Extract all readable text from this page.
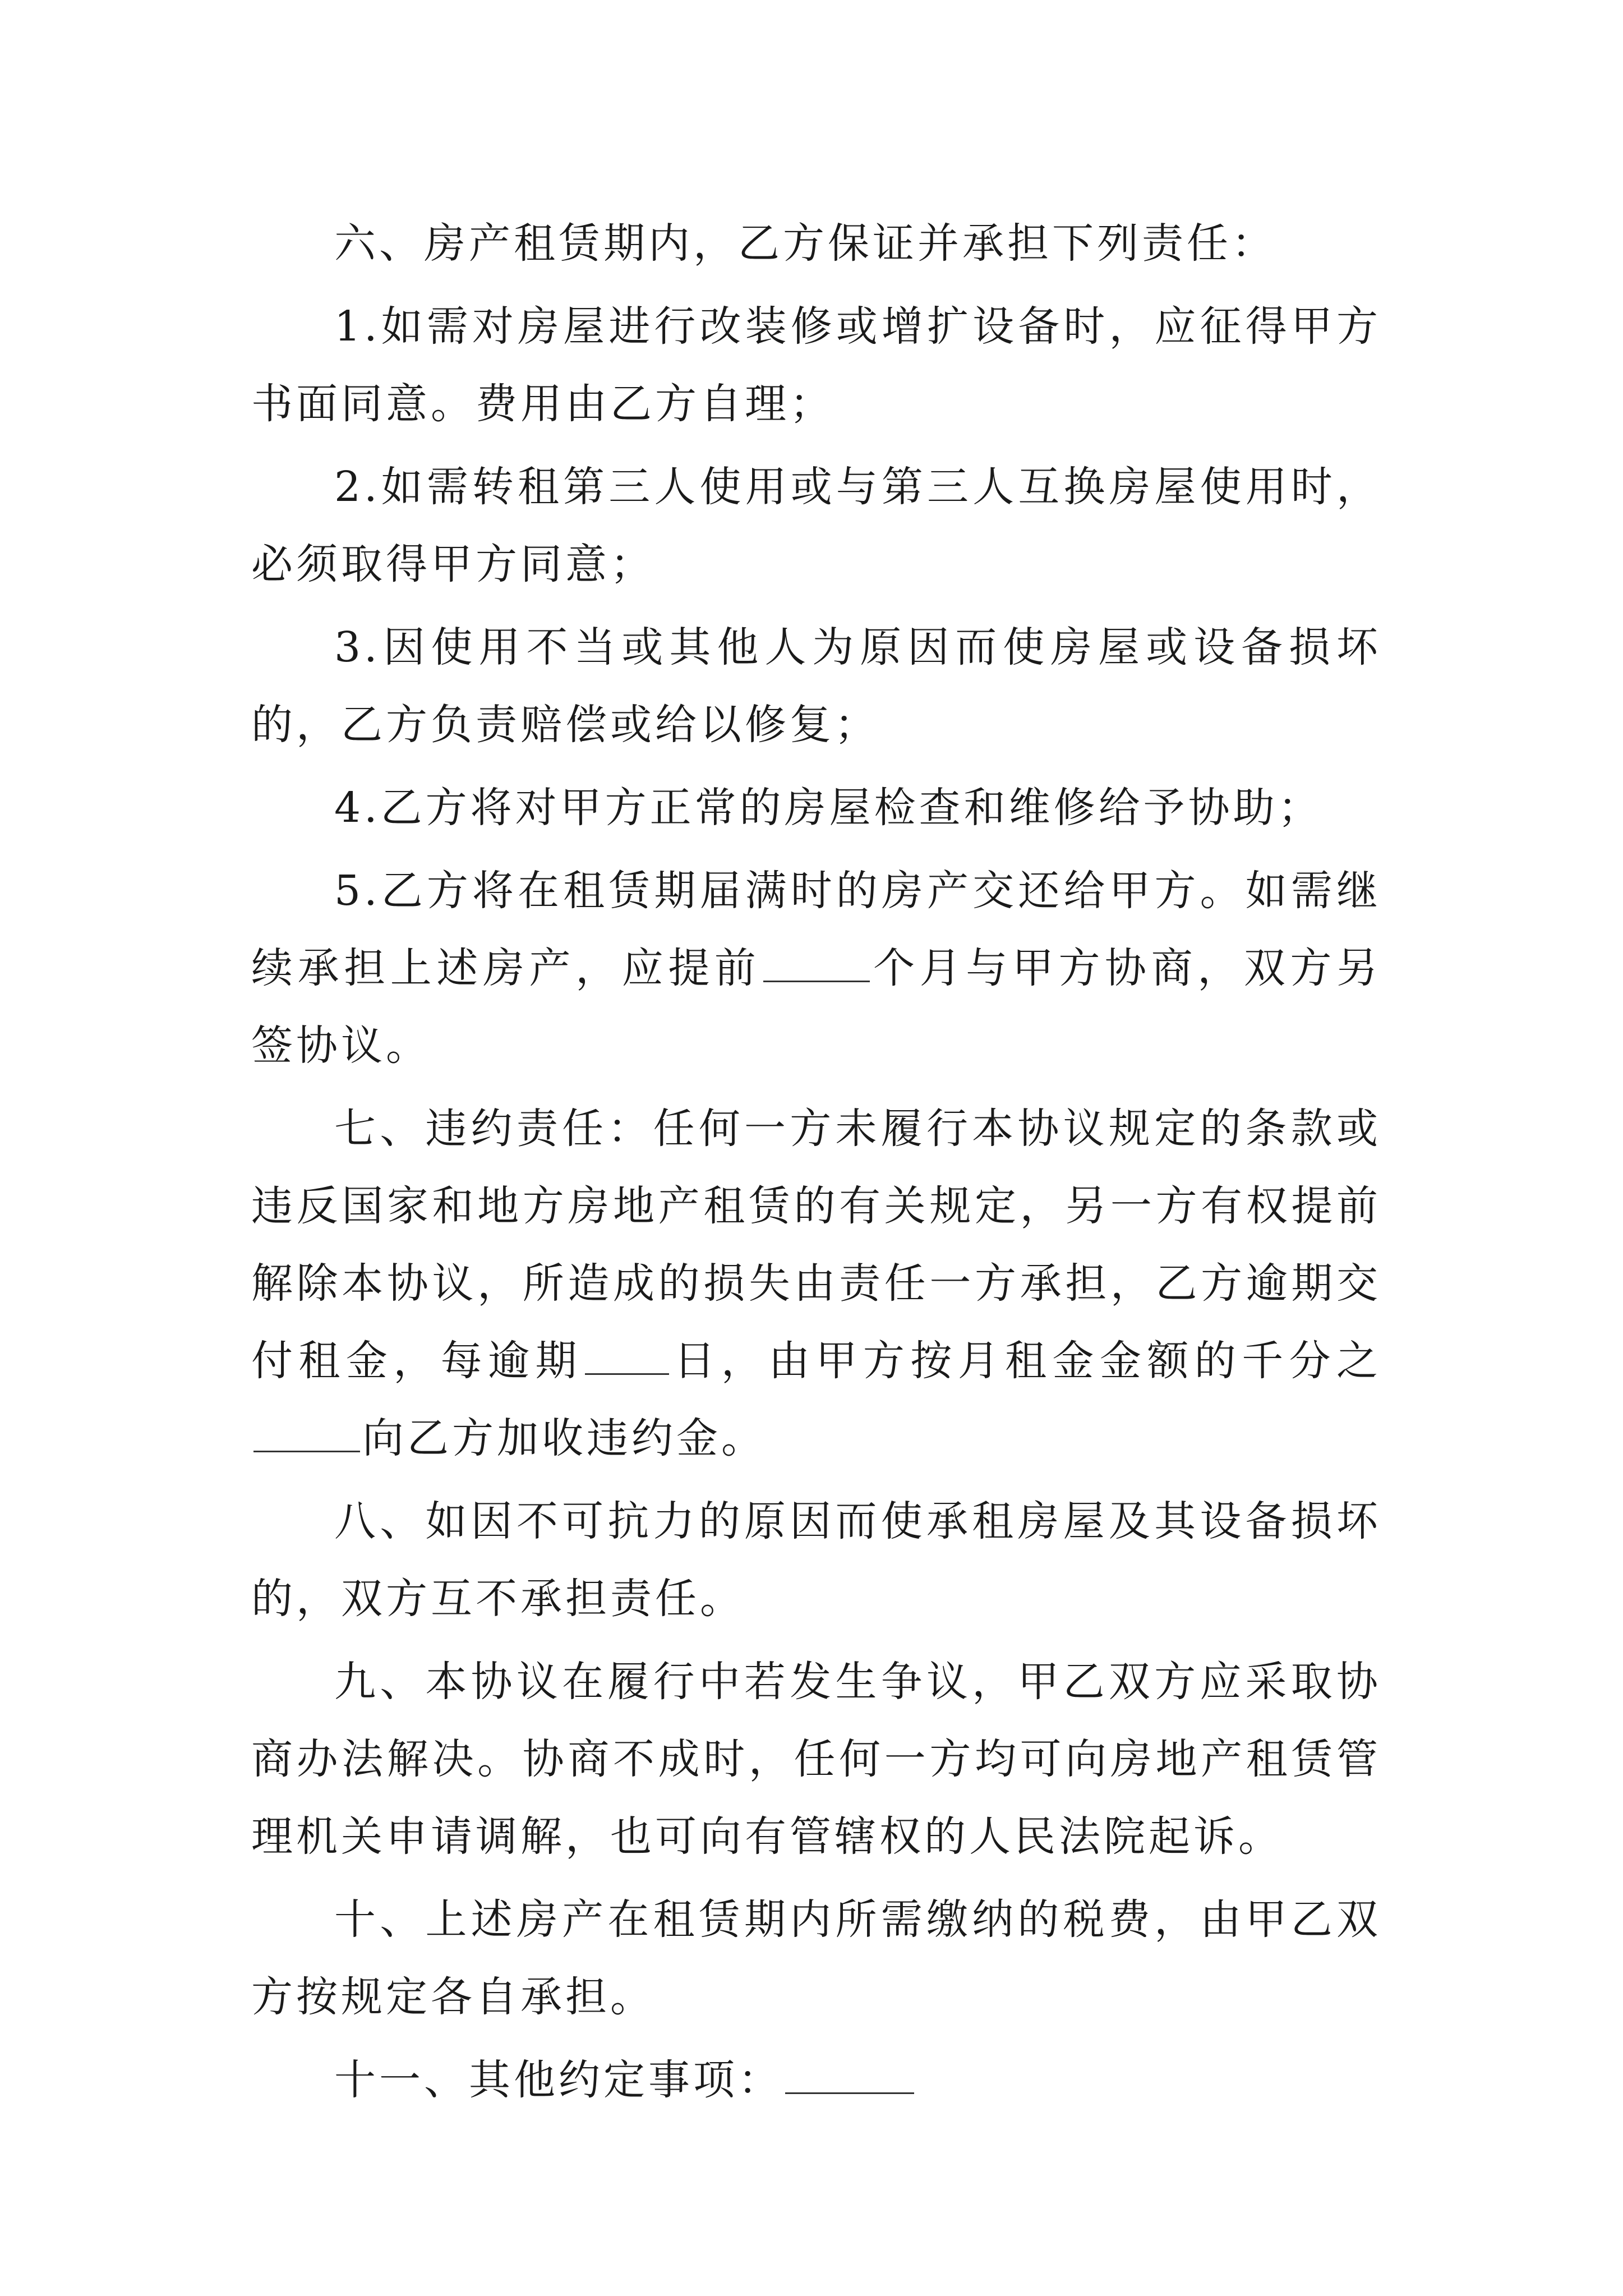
六、房产租赁期内，乙方保证并承担下列责任：

1.如需对房屋进行改装修或增扩设备时，应征得甲方书面同意。费用由乙方自理；

2.如需转租第三人使用或与第三人互换房屋使用时，必须取得甲方同意；

3.因使用不当或其他人为原因而使房屋或设备损坏的，乙方负责赔偿或给以修复；

4.乙方将对甲方正常的房屋检查和维修给予协助；

5.乙方将在租赁期届满时的房产交还给甲方。如需继续承担上述房产，应提前	个月与甲方协商，双方另签协议。

七、违约责任：任何一方未履行本协议规定的条款或违反国家和地方房地产租赁的有关规定，另一方有权提前解除本协议，所造成的损失由责任一方承担，乙方逾期交付租金，每逾期 日，由甲方按月租金金额的千分之向乙方加收违约金。

八、如因不可抗力的原因而使承租房屋及其设备损坏的，双方互不承担责任。

九、本协议在履行中若发生争议，甲乙双方应采取协商办法解决。协商不成时，任何一方均可向房地产租赁管理机关申请调解，也可向有管辖权的人民法院起诉。

十、上述房产在租赁期内所需缴纳的税费，由甲乙双方按规定各自承担。

十一、其他约定事项：
